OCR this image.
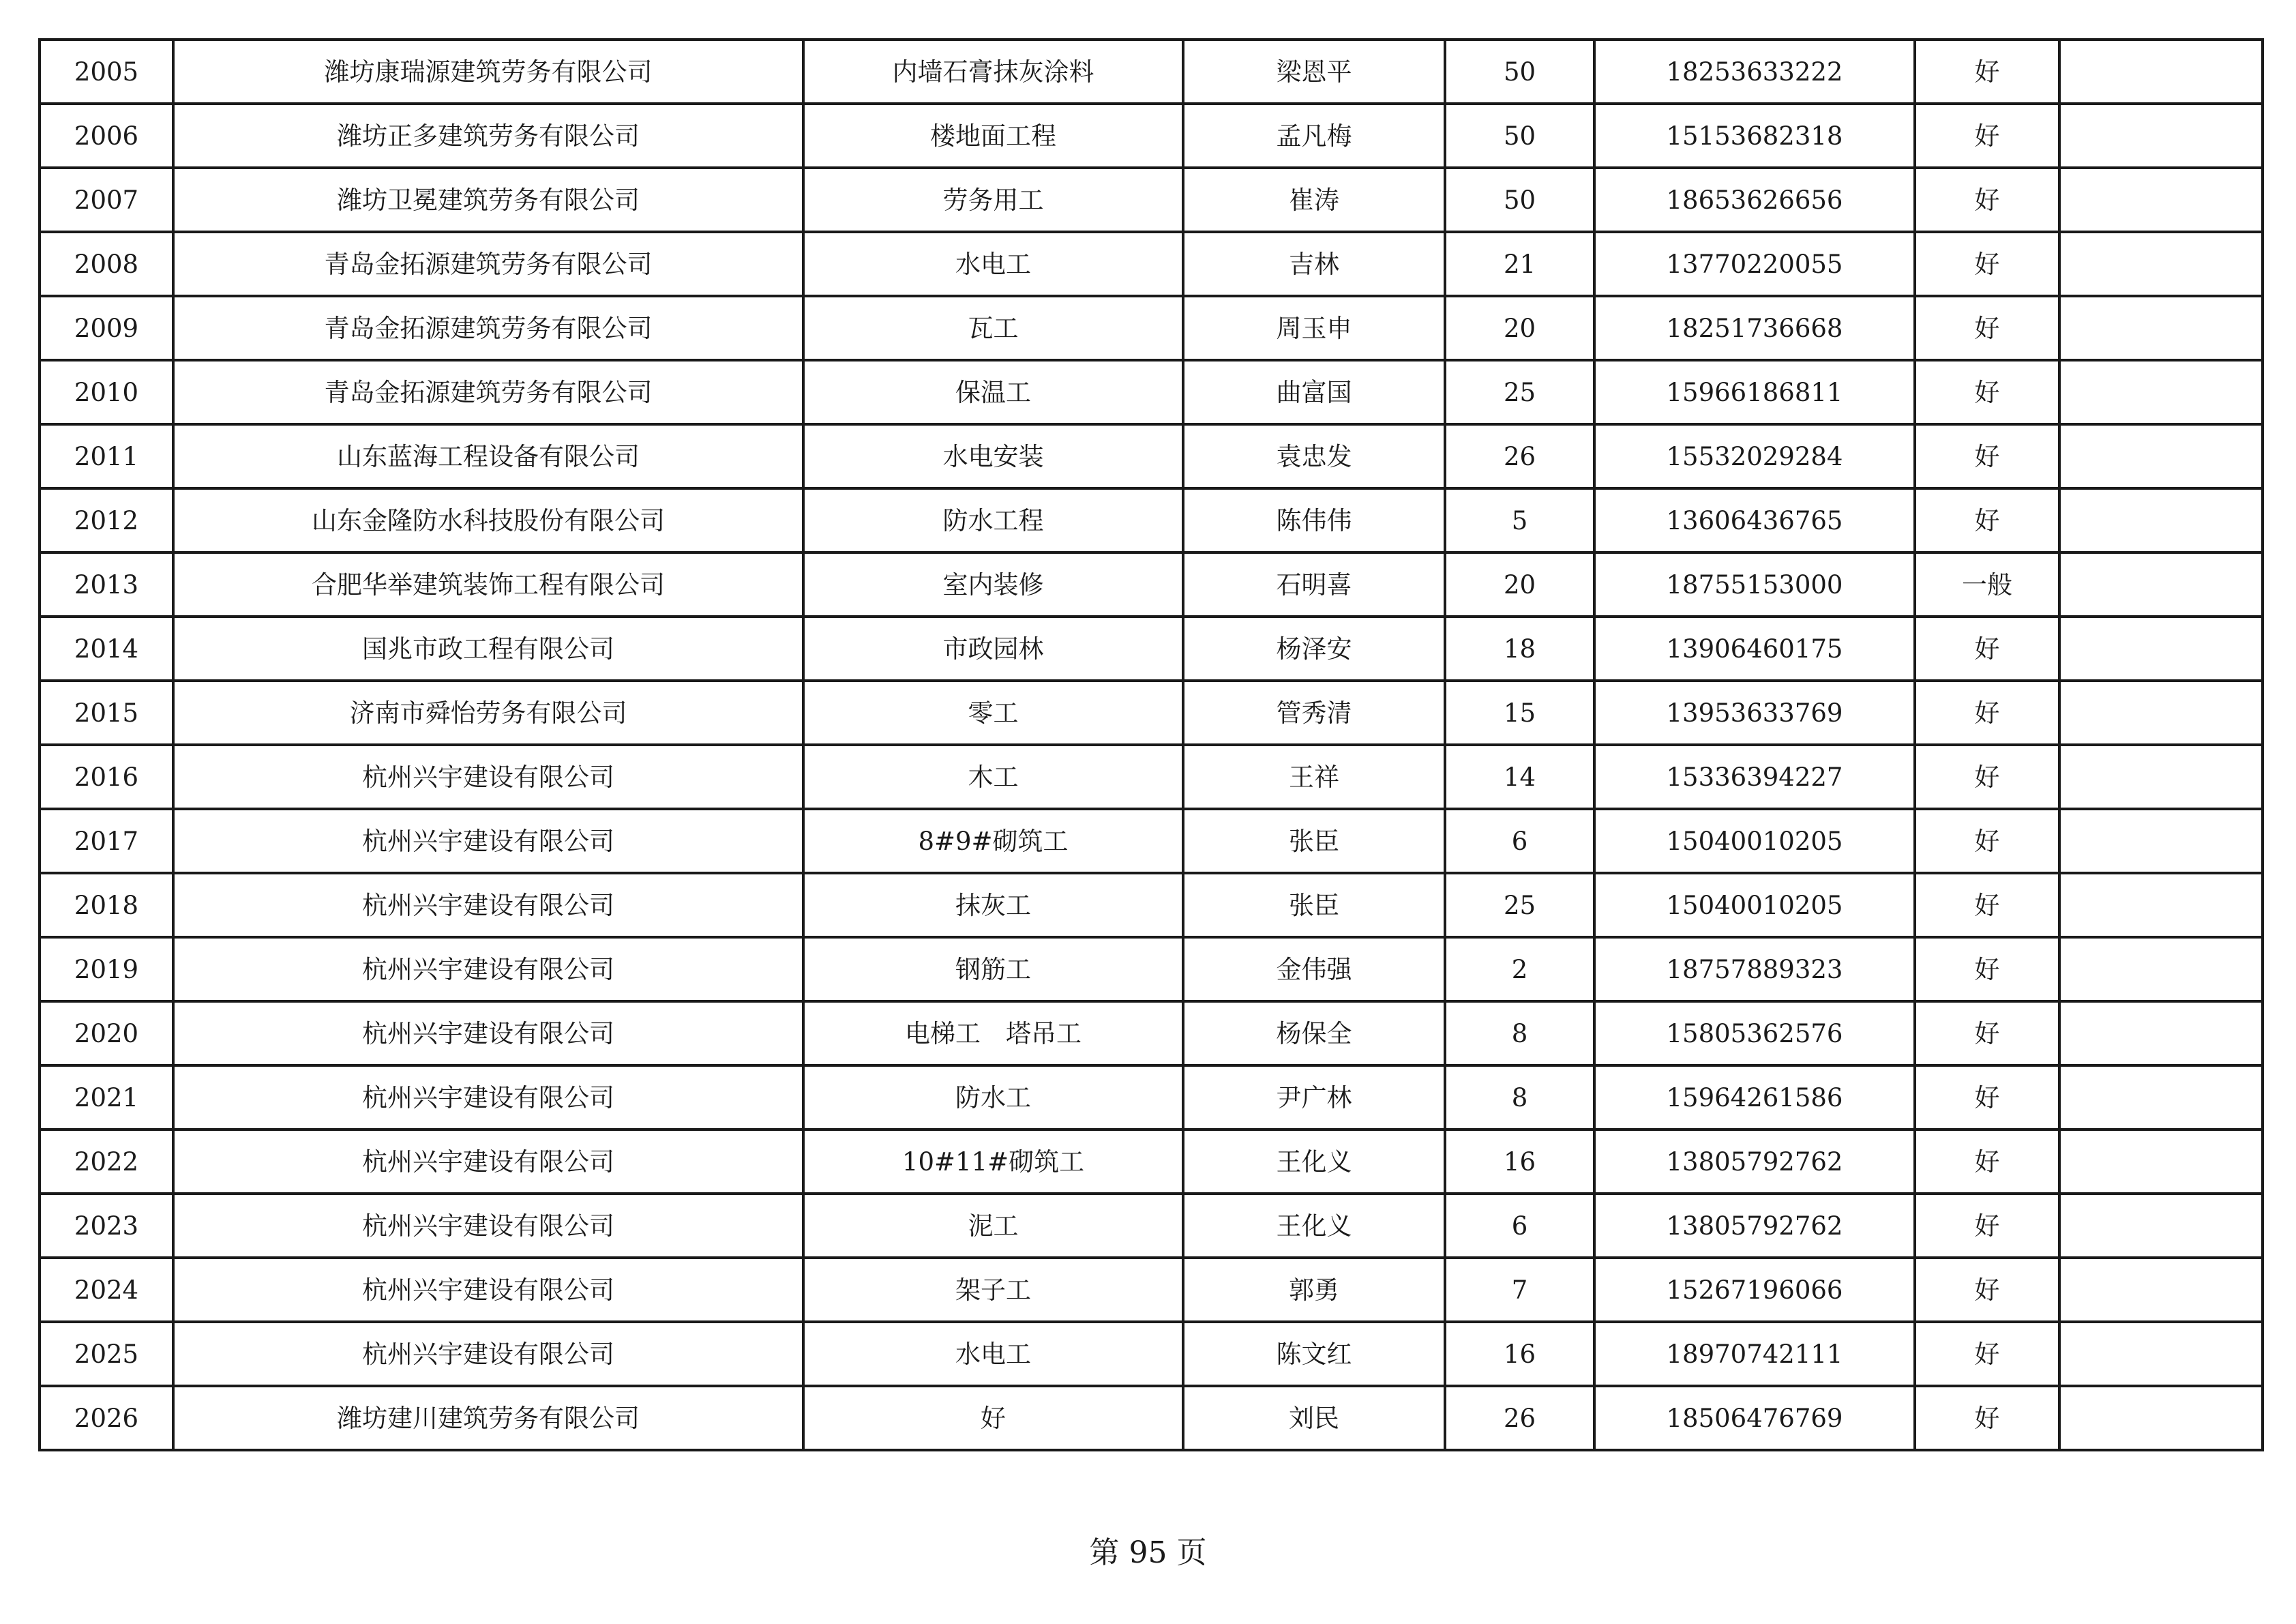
2005	潍坊康瑞源建筑劳务有限公司	内墙石膏抹灰涂料	梁恩平	50	18253633222	好	
2006	潍坊正多建筑劳务有限公司	楼地面工程	孟凡梅	50	15153682318	好	
2007	潍坊卫冕建筑劳务有限公司	劳务用工	崔涛	50	18653626656	好	
2008	青岛金拓源建筑劳务有限公司	水电工	吉林	21	13770220055	好	
2009	青岛金拓源建筑劳务有限公司	瓦工	周玉申	20	18251736668	好	
2010	青岛金拓源建筑劳务有限公司	保温工	曲富国	25	15966186811	好	
2011	山东蓝海工程设备有限公司	水电安装	袁忠发	26	15532029284	好	
2012	山东金隆防水科技股份有限公司	防水工程	陈伟伟	5	13606436765	好	
2013	合肥华举建筑装饰工程有限公司	室内装修	石明喜	20	18755153000	一般	
2014	国兆市政工程有限公司	市政园林	杨泽安	18	13906460175	好	
2015	济南市舜怡劳务有限公司	零工	管秀清	15	13953633769	好	
2016	杭州兴宇建设有限公司	木工	王祥	14	15336394227	好	
2017	杭州兴宇建设有限公司	8#9#砌筑工	张臣	6	15040010205	好	
2018	杭州兴宇建设有限公司	抹灰工	张臣	25	15040010205	好	
2019	杭州兴宇建设有限公司	钢筋工	金伟强	2	18757889323	好	
2020	杭州兴宇建设有限公司	电梯工　塔吊工	杨保全	8	15805362576	好	
2021	杭州兴宇建设有限公司	防水工	尹广林	8	15964261586	好	
2022	杭州兴宇建设有限公司	10#11#砌筑工	王化义	16	13805792762	好	
2023	杭州兴宇建设有限公司	泥工	王化义	6	13805792762	好	
2024	杭州兴宇建设有限公司	架子工	郭勇	7	15267196066	好	
2025	杭州兴宇建设有限公司	水电工	陈文红	16	18970742111	好	
2026	潍坊建川建筑劳务有限公司	好	刘民	26	18506476769	好	
第 95 页
